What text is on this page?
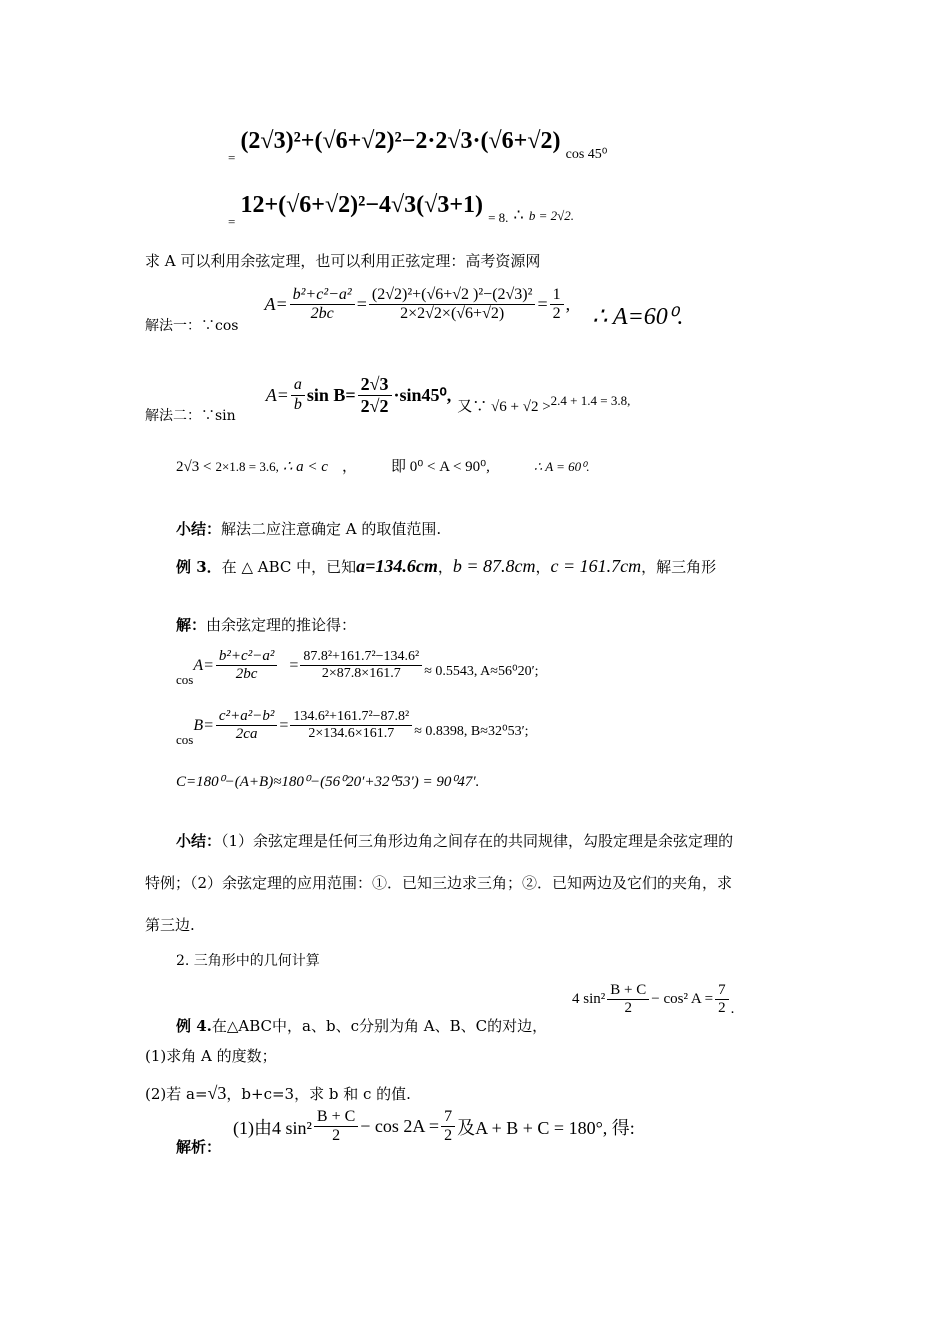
$_=$ (2√3)²+(√6+√2)²−2·2√3·(√6+√2) cos 45⁰
$_=$ 12+(√6+√2)²−4√3(√3+1) $_{= 8.}$ ∴ $_{b = 2√2.}$
求 A 可以利用余弦定理，也可以利用正弦定理：高考资源网
解法一：∵cos
$A= \frac{\text{b²+c²−a²}}{2bc} = \frac{\text{(2√2)²+(√6+√2 )²−(2√3)²}}{2\times 2√2\times(√6+√2)} = \frac{1}{2}$ , ∴ A=60⁰.
解法二：∵sin
$A= \frac{a}{b}$ $\sin B= \frac{2√3}{2√2} \cdot\sin 45^0$,
又∵ √6 + √2 > 2.4 + 1.4 = 3.8,
2√3 < 2×1.8 = 3.6, ∴ a < c ， 即 0⁰ < A < 90⁰,	∴ A = 60⁰.
小结：解法二应注意确定 A 的取值范围.
例 3．在 △ ABC 中，已知a=134.6cm，b = 87.8cm，c = 161.7cm，解三角形
解：由余弦定理的推论得：
cos
$A= \frac{\text{b²+c²−a²}}{2bc} = \frac{\text{87.8²+161.7²−134.6²}}{2\times 87.8\times 161.7} \approx 0.5543$, A≈56⁰20′;
cos
$B= \frac{\text{c²+a²−b²}}{2ca} = \frac{\text{134.6²+161.7²−87.8²}}{2\times 134.6\times 161.7} \approx 0.8398$, B≈32⁰53′;
C=180⁰−(A+B)≈180⁰−(56⁰20′+32⁰53′) = 90⁰47′.
小结：（1）余弦定理是任何三角形边角之间存在的共同规律，勾股定理是余弦定理的
特例；（2）余弦定理的应用范围：①．已知三边求三角；②．已知两边及它们的夹角，求
第三边.
2. 三角形中的几何计算
例 4.在△ABC中，a、b、c分别为角 A、B、C的对边，
4 $\sin^2 \frac{B + C}{2} - \cos^2$ $A = \frac{7}{2}$ .
(1)求角 A 的度数；
(2)若 a=√3，b+c=3，求 b 和 c 的值.
解析：
(1)由4 $\sin^2 \frac{B + C}{2} - \cos 2A = \frac{7}{2}$ 及A + B + C = 180°, 得:
